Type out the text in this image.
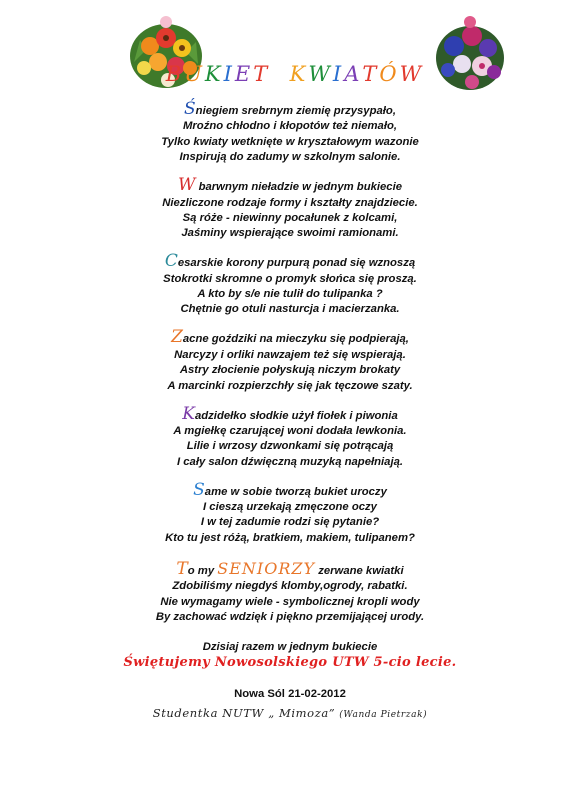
BUKIET KWIATÓW
Śniegiem srebrnym ziemię przysypało,
Mroźno chłodno i kłopotów też niemało,
Tylko kwiaty wetknięte w kryształowym wazonie
Inspirują do zadumy w szkolnym salonie.
W barwnym nieładzie w jednym bukiecie
Niezliczone rodzaje formy i kształty znajdziecie.
Są róże - niewinny pocałunek z kolcami,
Jaśminy wspierające swoimi ramionami.
Cesarskie korony purpurą ponad się wznoszą
Stokrotki skromne o promyk słońca się proszą.
A kto by s/e nie tulił do tulipanka ?
Chętnie go otuli nasturcja i macierzanka.
Zacne goździki na mieczyku się podpierają,
Narcyzy i orliki nawzajem też się wspierają.
Astry złocienie połyskują niczym brokaty
A marcinki rozpierzchły się jak tęczowe szaty.
Kadzidełko słodkie użył fiołek i piwonia
A mgiełkę czarującej woni dodała lewkonia.
Lilie i wrzosy dzwonkami się potrącają
I cały salon dźwięczną muzyką napełniają.
Same w sobie tworzą bukiet uroczy
I cieszą urzekają zmęczone oczy
I w tej zadumie rodzi się pytanie?
Kto tu jest różą, bratkiem, makiem, tulipanem?
To my SENIORZY zerwane kwiatki
Zdobiliśmy niegdyś klomby,ogrody, rabatki.
Nie wymagamy wiele - symbolicznej kropli wody
By zachować wdzięk i piękno przemijającej urody.
Dzisiaj razem w jednym bukiecie
Świętujemy Nowosolskiego UTW 5-cio lecie.
Nowa Sól 21-02-2012
Studentka NUTW „ Mimoza” (Wanda Pietrzak)
